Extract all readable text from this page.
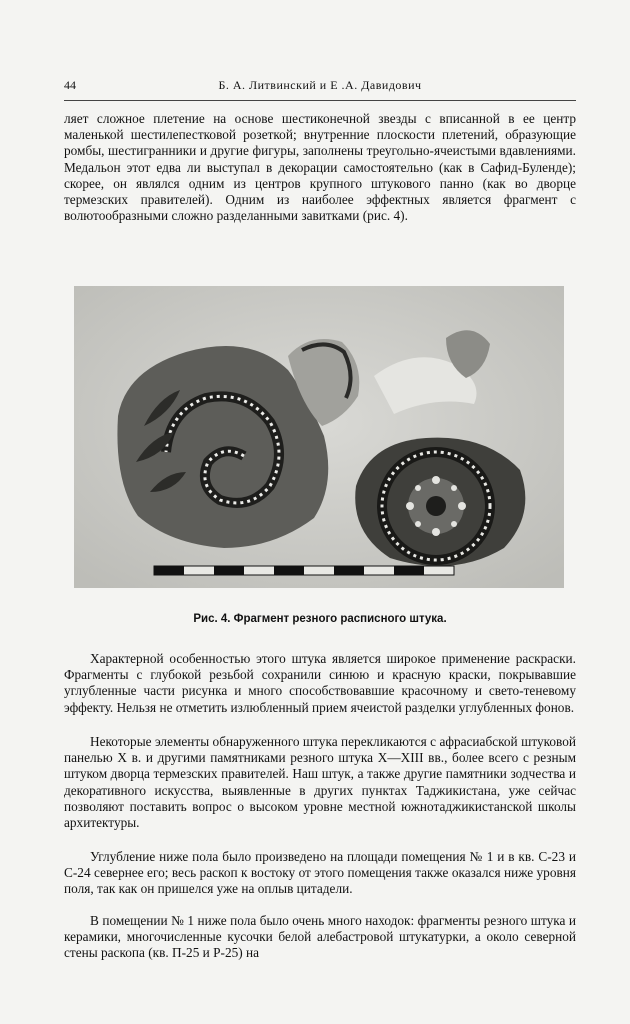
44	Б. А. Литвинский и Е .А. Давидович

ляет сложное плетение на основе шестиконечной звезды с вписанной в ее центр маленькой шестилепестковой розеткой; внутренние плоскости плетений, образующие ромбы, шестигранники и другие фигуры, заполнены треугольно-ячеистыми вдавлениями. Медальон этот едва ли выступал в декорации самостоятельно (как в Сафид-Буленде); скорее, он являлся одним из центров крупного штукового панно (как во дворце термезских правителей). Одним из наиболее эффектных является фрагмент с волютообразными сложно разделанными завитками (рис. 4).

Рис. 4. Фрагмент резного расписного штука.

Характерной особенностью этого штука является широкое применение раскраски. Фрагменты с глубокой резьбой сохранили синюю и красную краски, покрывавшие углубленные части рисунка и много способствовавшие красочному и свето-теневому эффекту. Нельзя не отметить излюбленный прием ячеистой разделки углубленных фонов.

Некоторые элементы обнаруженного штука перекликаются с афрасиабской штуковой панелью X в. и другими памятниками резного штука X—XIII вв., более всего с резным штуком дворца термезских правителей. Наш штук, а также другие памятники зодчества и декоративного искусства, выявленные в других пунктах Таджикистана, уже сейчас позволяют поставить вопрос о высоком уровне местной южнотаджикистанской школы архитектуры.

Углубление ниже пола было произведено на площади помещения № 1 и в кв. С-23 и С-24 севернее его; весь раскоп к востоку от этого помещения также оказался ниже уровня поля, так как он пришелся уже на оплыв цитадели.

В помещении № 1 ниже пола было очень много находок: фрагменты резного штука и керамики, многочисленные кусочки белой алебастровой штукатурки, а около северной стены раскопа (кв. П-25 и Р-25) на
